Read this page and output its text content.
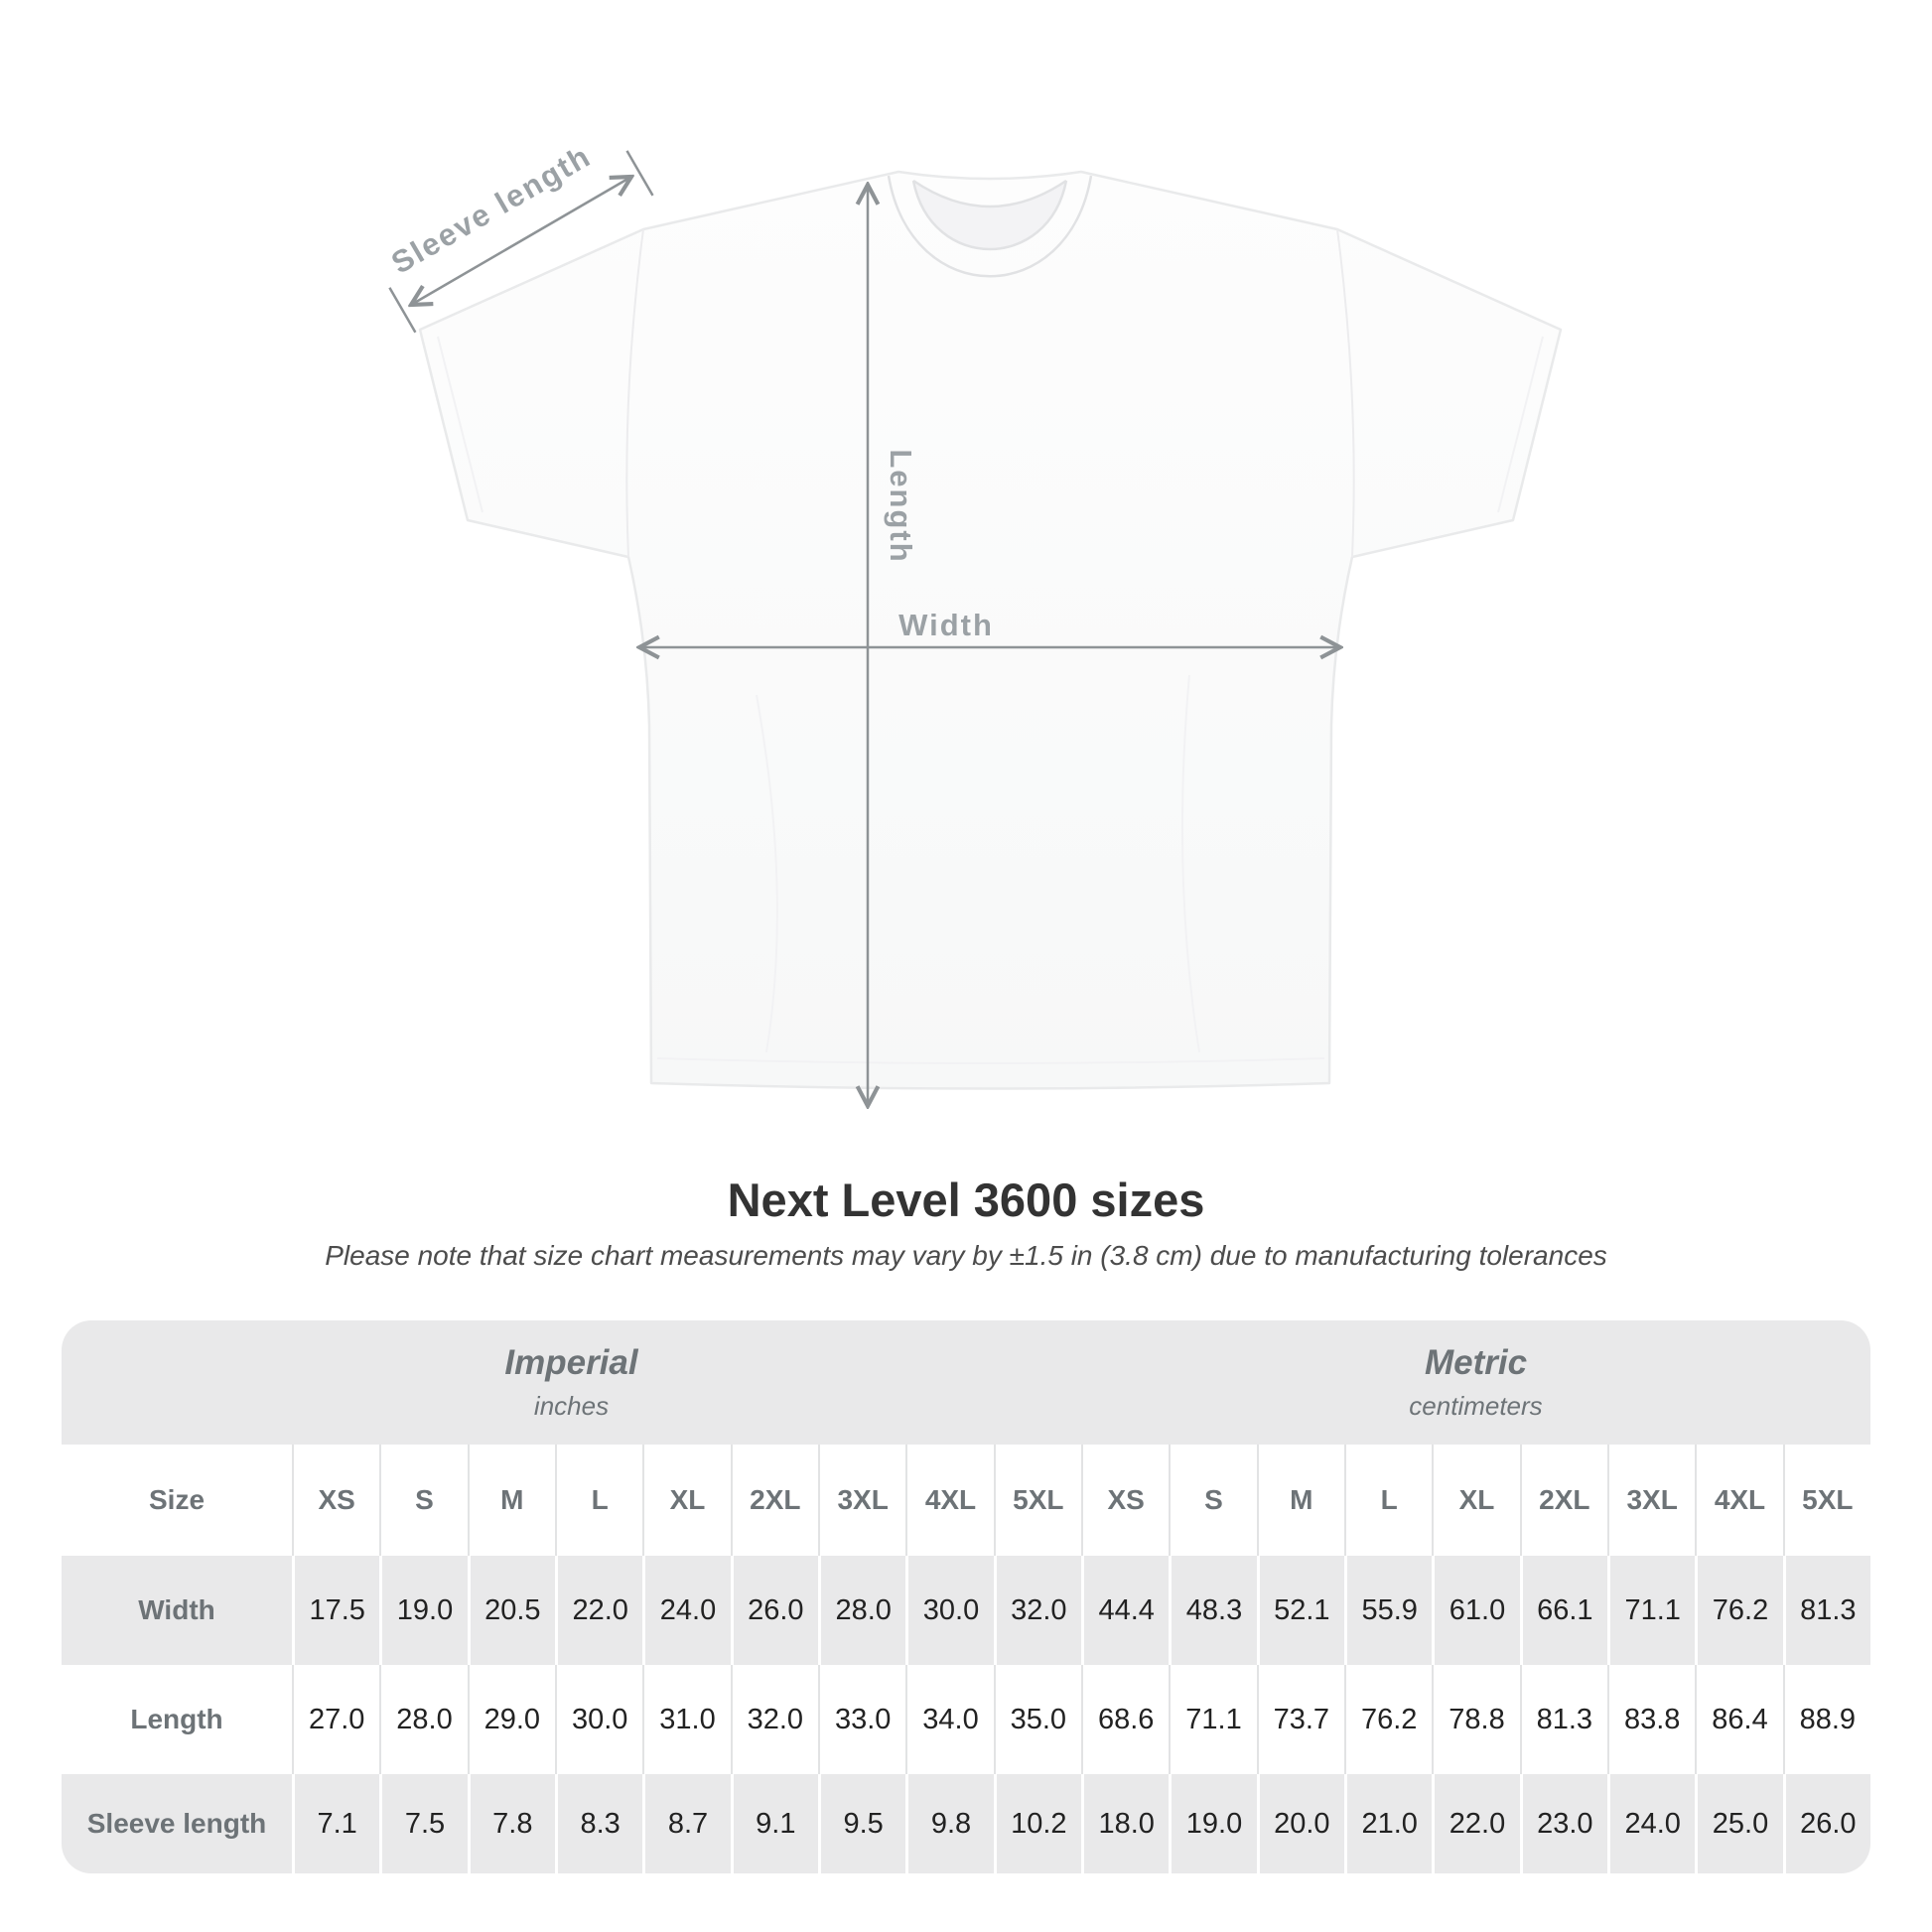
Length
Width
Sleeve length
Next Level 3600 sizes
Please note that size chart measurements may vary by ±1.5 in (3.8 cm) due to manufacturing tolerances
Imperial
inches
Metric
centimeters
Size	XS	S	M	L	XL	2XL	3XL	4XL	5XL	XS	S	M	L	XL	2XL	3XL	4XL	5XL
Width	17.5	19.0	20.5	22.0	24.0	26.0	28.0	30.0	32.0	44.4	48.3	52.1	55.9	61.0	66.1	71.1	76.2	81.3
Length	27.0	28.0	29.0	30.0	31.0	32.0	33.0	34.0	35.0	68.6	71.1	73.7	76.2	78.8	81.3	83.8	86.4	88.9
Sleeve length	7.1	7.5	7.8	8.3	8.7	9.1	9.5	9.8	10.2	18.0	19.0	20.0	21.0	22.0	23.0	24.0	25.0	26.0
